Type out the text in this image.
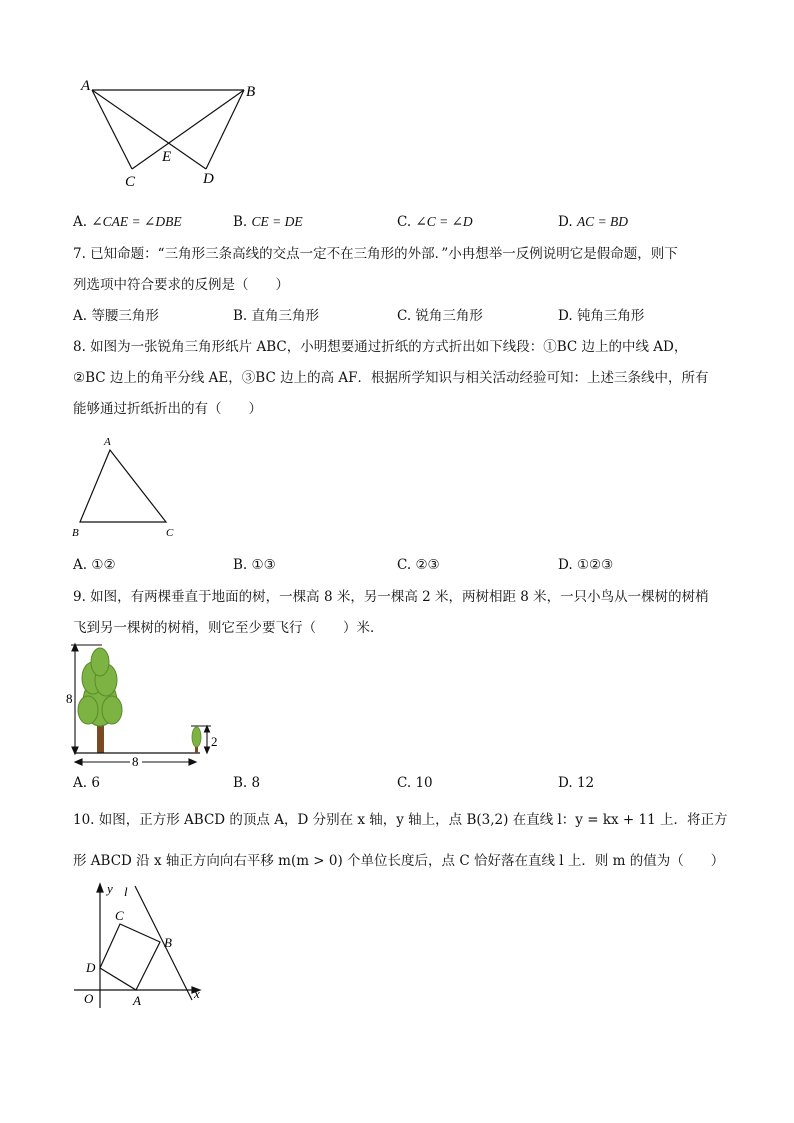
A	B
C	D
E
A. ∠CAE = ∠DBE	B. CE = DE	C. ∠C = ∠D	D. AC = BD
7. 已知命题：“三角形三条高线的交点一定不在三角形的外部．”小冉想举一反例说明它是假命题，则下
列选项中符合要求的反例是（　　）
A. 等腰三角形	B. 直角三角形	C. 锐角三角形	D. 钝角三角形
8. 如图为一张锐角三角形纸片 ABC，小明想要通过折纸的方式折出如下线段：①BC 边上的中线 AD，
②BC 边上的角平分线 AE，③BC 边上的高 AF．根据所学知识与相关活动经验可知：上述三条线中，所有
能够通过折纸折出的有（　　）
A
B	C
A. ①②	B. ①③	C. ②③	D. ①②③
9. 如图，有两棵垂直于地面的树，一棵高 8 米，另一棵高 2 米，两树相距 8 米，一只小鸟从一棵树的树梢
飞到另一棵树的树梢，则它至少要飞行（　　）米．
8
2
8
A. 6	B. 8	C. 10	D. 12
10. 如图，正方形 ABCD 的顶点 A，D 分别在 x 轴，y 轴上，点 B(3,2) 在直线 l：y = kx + 11 上．将正方
形 ABCD 沿 x 轴正方向向右平移 m(m > 0) 个单位长度后，点 C 恰好落在直线 l 上．则 m 的值为（　　）
x
y
O
l
A
B
C
D
